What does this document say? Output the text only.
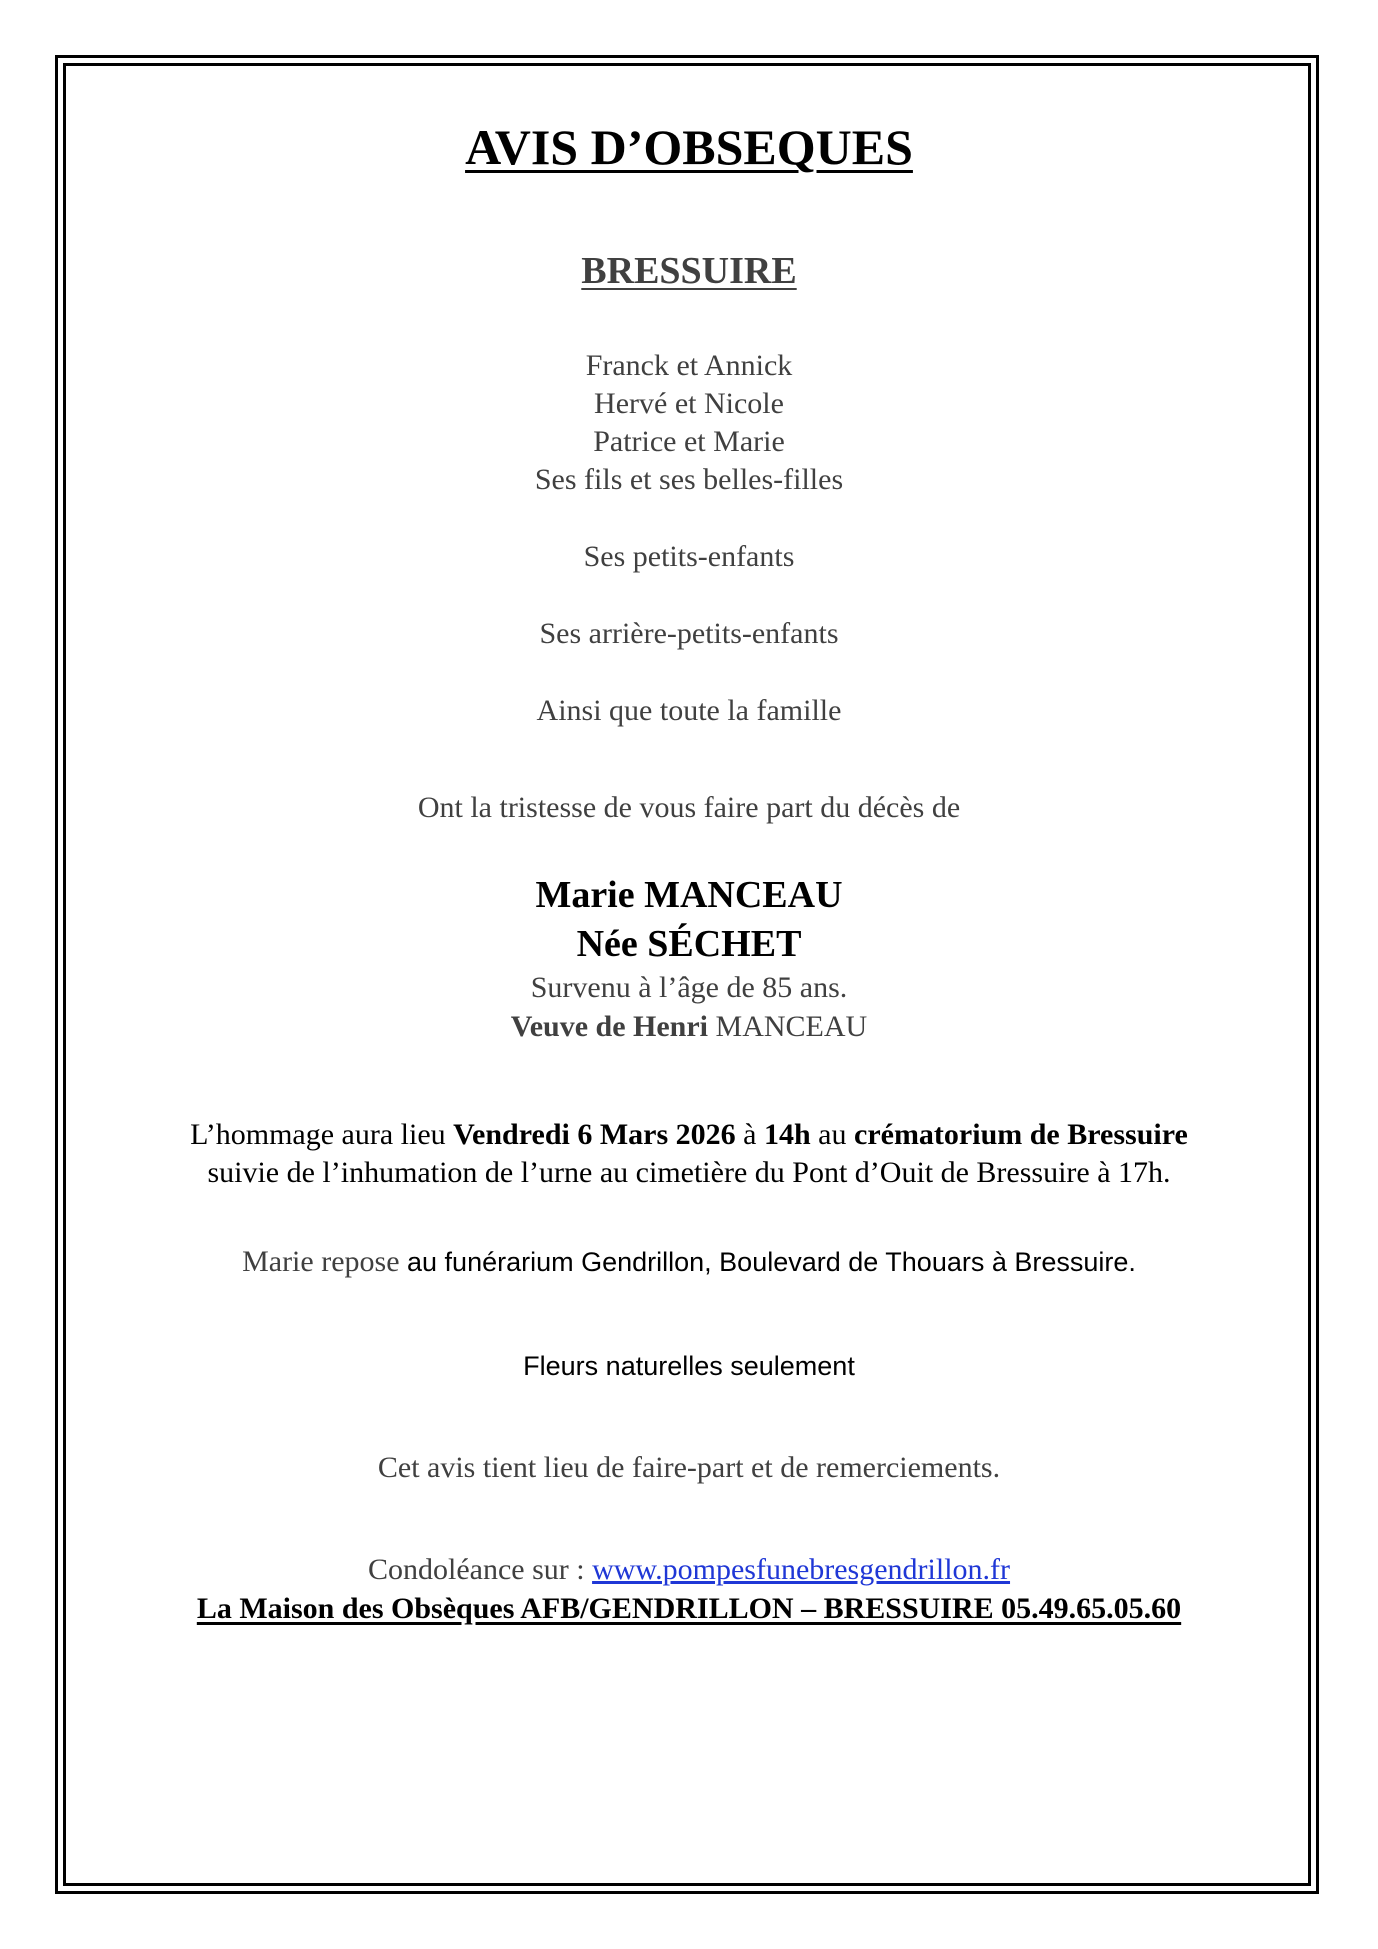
AVIS D’OBSEQUES
BRESSUIRE
Franck et Annick
Hervé et Nicole
Patrice et Marie
Ses fils et ses belles-filles
Ses petits-enfants
Ses arrière-petits-enfants
Ainsi que toute la famille
Ont la tristesse de vous faire part du décès de
Marie MANCEAU
Née SÉCHET
Survenu à l’âge de 85 ans.
Veuve de Henri MANCEAU
L’hommage aura lieu Vendredi 6 Mars 2026 à 14h au crématorium de Bressuire
suivie de l’inhumation de l’urne au cimetière du Pont d’Ouit de Bressuire à 17h.
Marie repose au funérarium Gendrillon, Boulevard de Thouars à Bressuire.
Fleurs naturelles seulement
Cet avis tient lieu de faire-part et de remerciements.
Condoléance sur : www.pompesfunebresgendrillon.fr
La Maison des Obsèques AFB/GENDRILLON – BRESSUIRE 05.49.65.05.60
